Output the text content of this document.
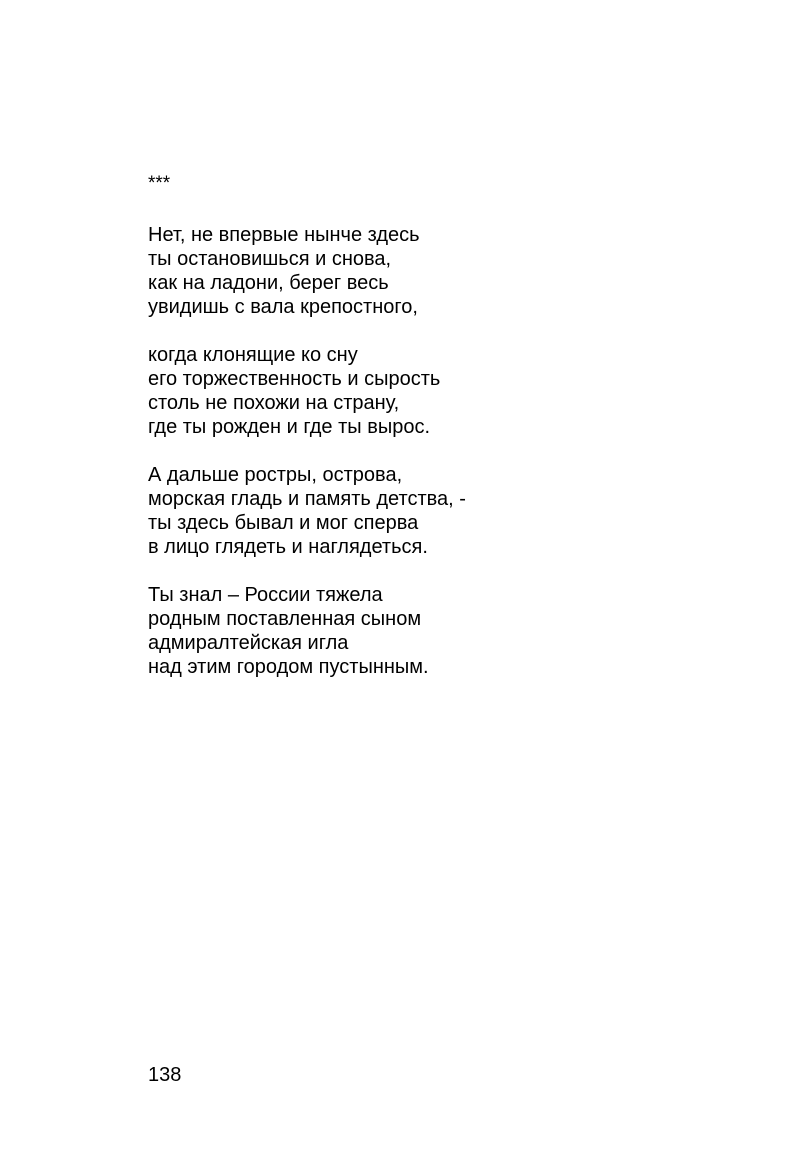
***
Нет, не впервые нынче здесь
ты остановишься и снова,
как на ладони, берег весь
увидишь с вала крепостного,
когда клонящие ко сну
его торжественность и сырость
столь не похожи на страну,
где ты рожден и где ты вырос.
А дальше ростры, острова,
морская гладь и память детства, -
ты здесь бывал и мог сперва
в лицо глядеть и наглядеться.
Ты знал – России тяжела
родным поставленная сыном
адмиралтейская игла
над этим городом пустынным.
138
